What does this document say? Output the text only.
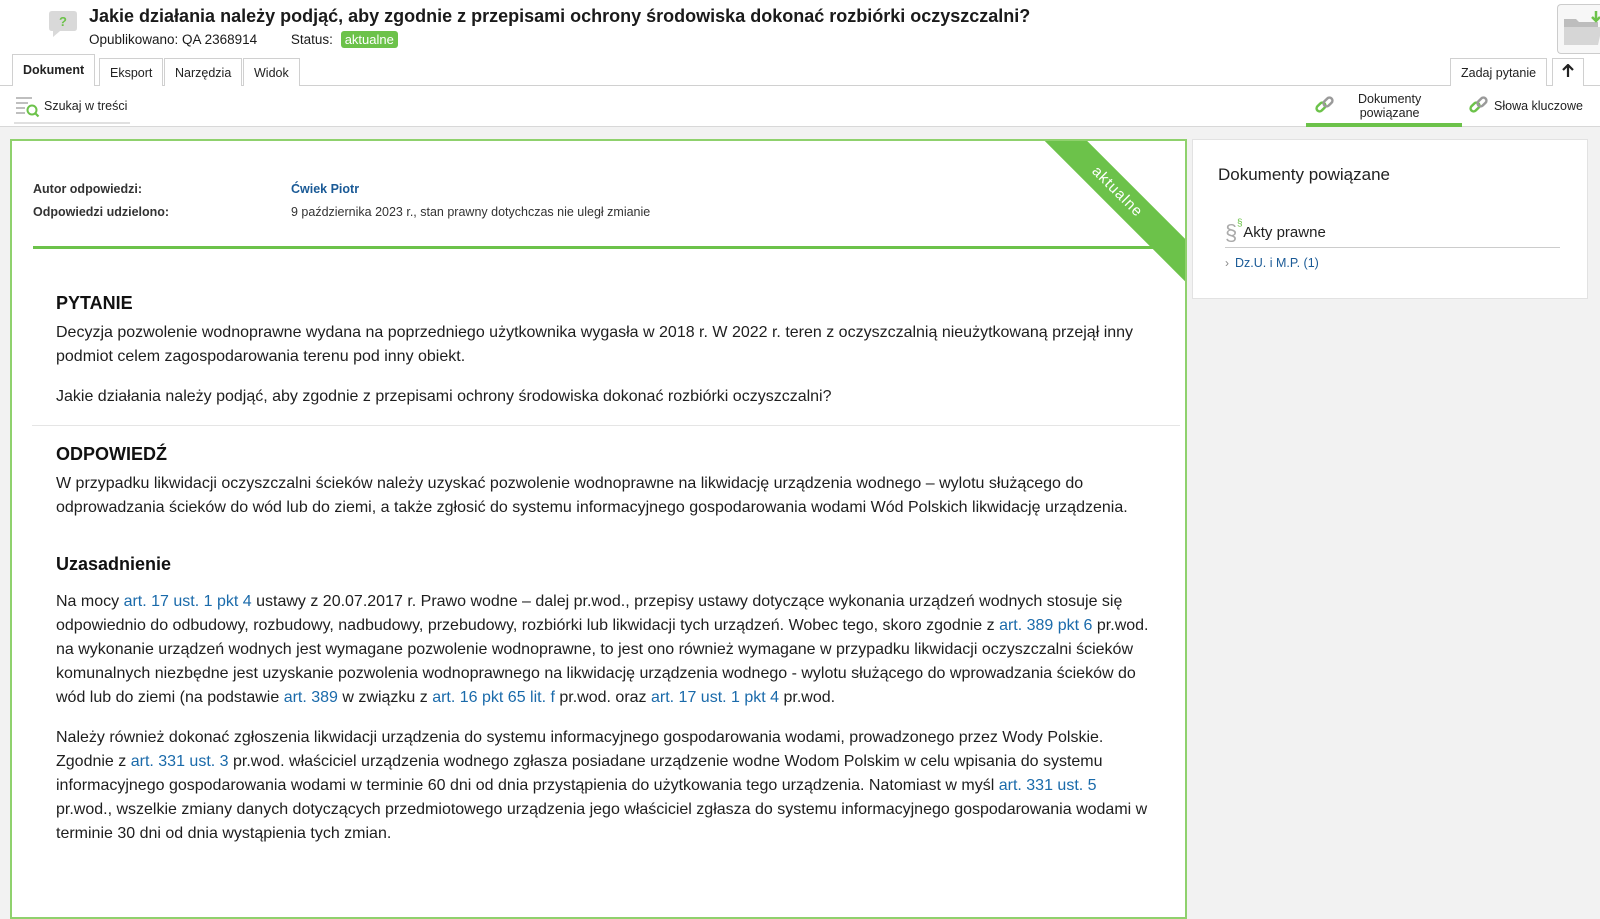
? Jakie działania należy podjąć, aby zgodnie z przepisami ochrony środowiska dokonać rozbiórki oczyszczalni?
Opublikowano: QA 2368914	Status: aktualne
Dokument	Eksport	Narzędzia	Widok	Zadaj pytanie
Szukaj w treści	Dokumenty
powiązane	Słowa kluczowe
aktualne
Autor odpowiedzi:	Ćwiek Piotr
Odpowiedzi udzielono:	9 października 2023 r., stan prawny dotychczas nie uległ zmianie
PYTANIE

Decyzja pozwolenie wodnoprawne wydana na poprzedniego użytkownika wygasła w 2018 r. W 2022 r. teren z oczyszczalnią nieużytkowaną przejął inny podmiot celem zagospodarowania terenu pod inny obiekt.

Jakie działania należy podjąć, aby zgodnie z przepisami ochrony środowiska dokonać rozbiórki oczyszczalni?

ODPOWIEDŹ

W przypadku likwidacji oczyszczalni ścieków należy uzyskać pozwolenie wodnoprawne na likwidację urządzenia wodnego – wylotu służącego do odprowadzania ścieków do wód lub do ziemi, a także zgłosić do systemu informacyjnego gospodarowania wodami Wód Polskich likwidację urządzenia.

Uzasadnienie

Na mocy art. 17 ust. 1 pkt 4 ustawy z 20.07.2017 r. Prawo wodne – dalej pr.wod., przepisy ustawy dotyczące wykonania urządzeń wodnych stosuje się odpowiednio do odbudowy, rozbudowy, nadbudowy, przebudowy, rozbiórki lub likwidacji tych urządzeń. Wobec tego, skoro zgodnie z art. 389 pkt 6 pr.wod. na wykonanie urządzeń wodnych jest wymagane pozwolenie wodnoprawne, to jest ono również wymagane w przypadku likwidacji oczyszczalni ścieków komunalnych niezbędne jest uzyskanie pozwolenia wodnoprawnego na likwidację urządzenia wodnego - wylotu służącego do wprowadzania ścieków do wód lub do ziemi (na podstawie art. 389 w związku z art. 16 pkt 65 lit. f pr.wod. oraz art. 17 ust. 1 pkt 4 pr.wod.

Należy również dokonać zgłoszenia likwidacji urządzenia do systemu informacyjnego gospodarowania wodami, prowadzonego przez Wody Polskie. Zgodnie z art. 331 ust. 3 pr.wod. właściciel urządzenia wodnego zgłasza posiadane urządzenie wodne Wodom Polskim w celu wpisania do systemu informacyjnego gospodarowania wodami w terminie 60 dni od dnia przystąpienia do użytkowania tego urządzenia. Natomiast w myśl art. 331 ust. 5 pr.wod., wszelkie zmiany danych dotyczących przedmiotowego urządzenia jego właściciel zgłasza do systemu informacyjnego gospodarowania wodami w terminie 30 dni od dnia wystąpienia tych zmian.

Dokumenty powiązane
§ §
Akty prawne
› Dz.U. i M.P. (1)
